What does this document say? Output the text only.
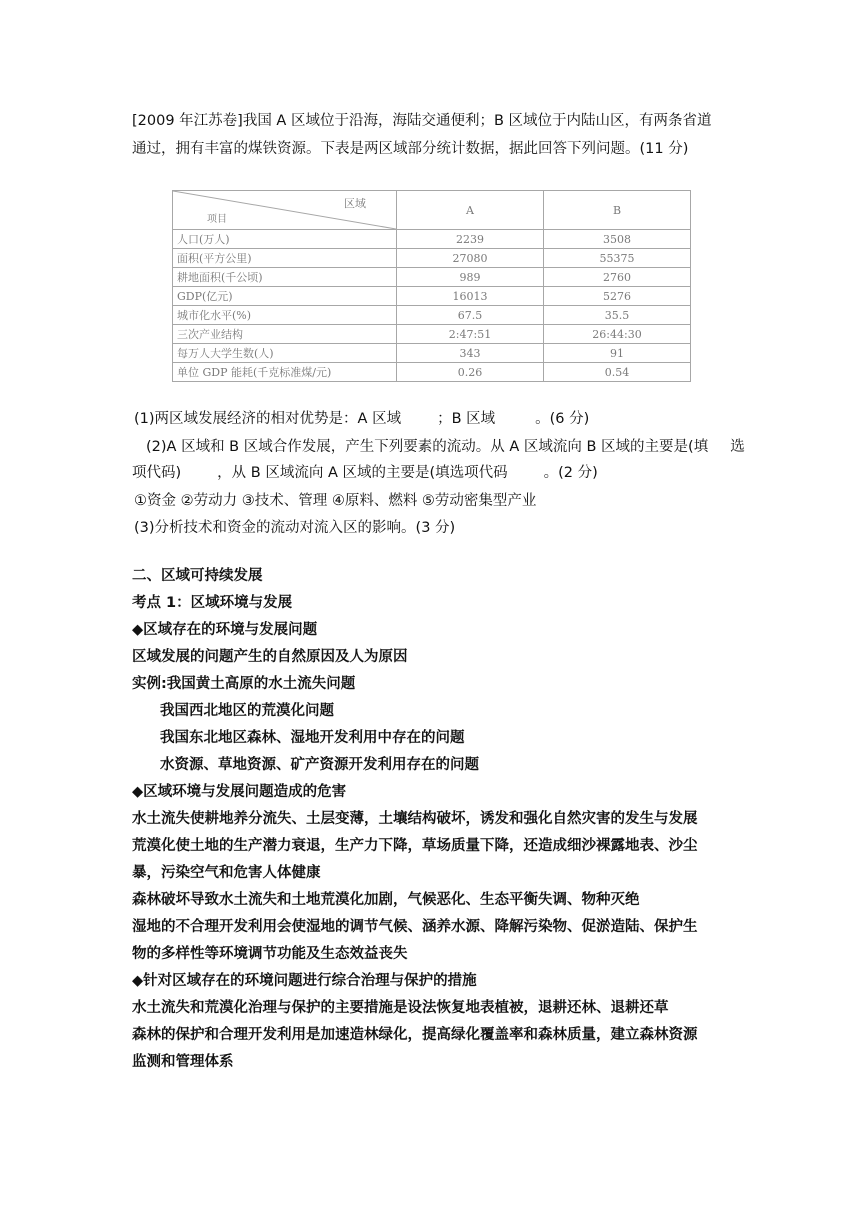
[2009 年江苏卷]我国 A 区域位于沿海，海陆交通便利；B 区域位于内陆山区，有两条省道
通过，拥有丰富的煤铁资源。下表是两区域部分统计数据，据此回答下列问题。(11 分)
区域
项目	A	B
人口(万人)	2239	3508
面积(平方公里)	27080	55375
耕地面积(千公顷)	989	2760
GDP(亿元)	16013	5276
城市化水平(%)	67.5	35.5
三次产业结构	2:47:51	26:44:30
每万人大学生数(人)	343	91
单位 GDP 能耗(千克标准煤/元)	0.26	0.54
(1)两区域发展经济的相对优势是：A 区域 ；B 区域	。(6 分)
(2)A 区域和 B 区域合作发展，产生下列要素的流动。从 A 区域流向 B 区域的主要是(填 选
项代码) ，从 B 区域流向 A 区域的主要是(填选项代码 。(2 分)
①资金 ②劳动力 ③技术、管理 ④原料、燃料 ⑤劳动密集型产业
(3)分析技术和资金的流动对流入区的影响。(3 分)
二、区域可持续发展
考点 1：区域环境与发展
◆区域存在的环境与发展问题
区域发展的问题产生的自然原因及人为原因
实例:我国黄土高原的水土流失问题
我国西北地区的荒漠化问题
我国东北地区森林、湿地开发利用中存在的问题
水资源、草地资源、矿产资源开发利用存在的问题
◆区域环境与发展问题造成的危害
水土流失使耕地养分流失、土层变薄，土壤结构破坏，诱发和强化自然灾害的发生与发展
荒漠化使土地的生产潜力衰退，生产力下降，草场质量下降，还造成细沙裸露地表、沙尘
暴，污染空气和危害人体健康
森林破坏导致水土流失和土地荒漠化加剧，气候恶化、生态平衡失调、物种灭绝
湿地的不合理开发利用会使湿地的调节气候、涵养水源、降解污染物、促淤造陆、保护生
物的多样性等环境调节功能及生态效益丧失
◆针对区域存在的环境问题进行综合治理与保护的措施
水土流失和荒漠化治理与保护的主要措施是设法恢复地表植被，退耕还林、退耕还草
森林的保护和合理开发利用是加速造林绿化，提高绿化覆盖率和森林质量，建立森林资源
监测和管理体系
